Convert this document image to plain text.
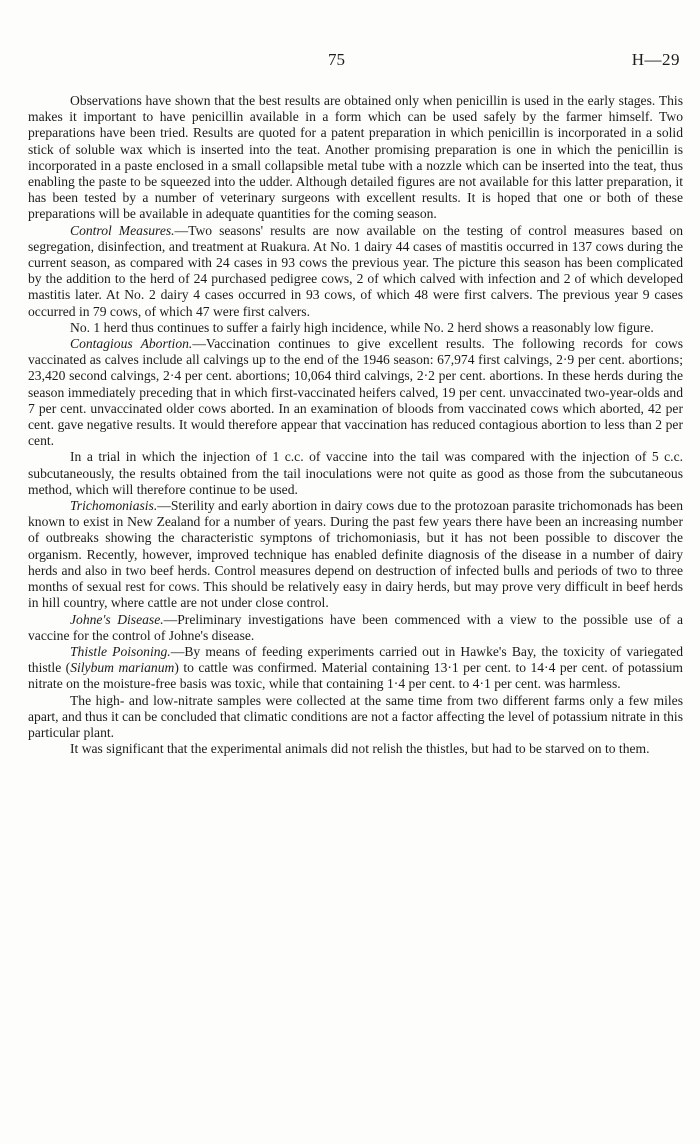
75	H—29

Observations have shown that the best results are obtained only when penicillin is used in the early stages. This makes it important to have penicillin available in a form which can be used safely by the farmer himself. Two preparations have been tried. Results are quoted for a patent preparation in which penicillin is incorporated in a solid stick of soluble wax which is inserted into the teat. Another promising preparation is one in which the penicillin is incorporated in a paste enclosed in a small collapsible metal tube with a nozzle which can be inserted into the teat, thus enabling the paste to be squeezed into the udder. Although detailed figures are not available for this latter preparation, it has been tested by a number of veterinary surgeons with excellent results. It is hoped that one or both of these preparations will be available in adequate quantities for the coming season.

Control Measures.—Two seasons' results are now available on the testing of control measures based on segregation, disinfection, and treatment at Ruakura. At No. 1 dairy 44 cases of mastitis occurred in 137 cows during the current season, as compared with 24 cases in 93 cows the previous year. The picture this season has been complicated by the addition to the herd of 24 purchased pedigree cows, 2 of which calved with infection and 2 of which developed mastitis later. At No. 2 dairy 4 cases occurred in 93 cows, of which 48 were first calvers. The previous year 9 cases occurred in 79 cows, of which 47 were first calvers.

No. 1 herd thus continues to suffer a fairly high incidence, while No. 2 herd shows a reasonably low figure.

Contagious Abortion.—Vaccination continues to give excellent results. The following records for cows vaccinated as calves include all calvings up to the end of the 1946 season: 67,974 first calvings, 2·9 per cent. abortions; 23,420 second calvings, 2·4 per cent. abortions; 10,064 third calvings, 2·2 per cent. abortions. In these herds during the season immediately preceding that in which first-vaccinated heifers calved, 19 per cent. unvaccinated two-year-olds and 7 per cent. unvaccinated older cows aborted. In an examination of bloods from vaccinated cows which aborted, 42 per cent. gave negative results. It would therefore appear that vaccination has reduced contagious abortion to less than 2 per cent.

In a trial in which the injection of 1 c.c. of vaccine into the tail was compared with the injection of 5 c.c. subcutaneously, the results obtained from the tail inoculations were not quite as good as those from the subcutaneous method, which will therefore continue to be used.

Trichomoniasis.—Sterility and early abortion in dairy cows due to the protozoan parasite trichomonads has been known to exist in New Zealand for a number of years. During the past few years there have been an increasing number of outbreaks showing the characteristic symptons of trichomoniasis, but it has not been possible to discover the organism. Recently, however, improved technique has enabled definite diagnosis of the disease in a number of dairy herds and also in two beef herds. Control measures depend on destruction of infected bulls and periods of two to three months of sexual rest for cows. This should be relatively easy in dairy herds, but may prove very difficult in beef herds in hill country, where cattle are not under close control.

Johne's Disease.—Preliminary investigations have been commenced with a view to the possible use of a vaccine for the control of Johne's disease.

Thistle Poisoning.—By means of feeding experiments carried out in Hawke's Bay, the toxicity of variegated thistle (Silybum marianum) to cattle was confirmed. Material containing 13·1 per cent. to 14·4 per cent. of potassium nitrate on the moisture-free basis was toxic, while that containing 1·4 per cent. to 4·1 per cent. was harmless.

The high- and low-nitrate samples were collected at the same time from two different farms only a few miles apart, and thus it can be concluded that climatic conditions are not a factor affecting the level of potassium nitrate in this particular plant.

It was significant that the experimental animals did not relish the thistles, but had to be starved on to them.
